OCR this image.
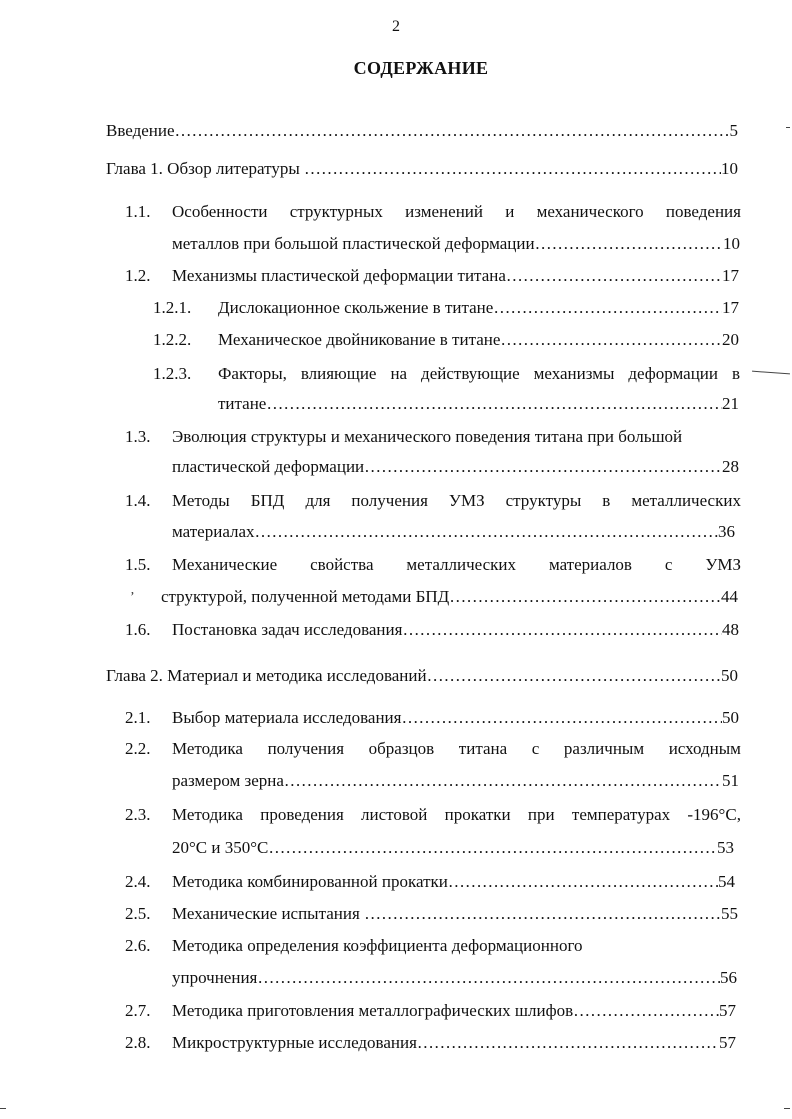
2
СОДЕРЖАНИЕ
Введение ……………………………………………………………………………………………………………………………………………………	5
Глава 1. Обзор литературы ……………………………………………………………………………………………………………………………………………………	10
1.1. Особенности структурных изменений и механического поведения
металлов при большой пластической деформации ……………………………………………………………………………………………………………………………………………………	10
1.2. Механизмы пластической деформации титана ……………………………………………………………………………………………………………………………………………………	17
1.2.1. Дислокационное скольжение в титане ……………………………………………………………………………………………………………………………………………………	17
1.2.2. Механическое двойникование в титане ……………………………………………………………………………………………………………………………………………………	20
1.2.3. Факторы, влияющие на действующие механизмы деформации в
титане ……………………………………………………………………………………………………………………………………………………	21
1.3. Эволюция структуры и механического поведения титана при большой
пластической деформации ……………………………………………………………………………………………………………………………………………………	28
1.4. Методы БПД для получения УМЗ структуры в металлических
материалах ……………………………………………………………………………………………………………………………………………………	36
1.5. Механические свойства металлических материалов с УМЗ
ʼ структурой, полученной методами БПД ……………………………………………………………………………………………………………………………………………………	44
1.6. Постановка задач исследования ……………………………………………………………………………………………………………………………………………………	48
Глава 2. Материал и методика исследований ……………………………………………………………………………………………………………………………………………………	50
2.1. Выбор материала исследования ……………………………………………………………………………………………………………………………………………………	50
2.2. Методика получения образцов титана с различным исходным
размером зерна ……………………………………………………………………………………………………………………………………………………	51
2.3. Методика проведения листовой прокатки при температурах -196°С,
20°С и 350°С ……………………………………………………………………………………………………………………………………………………	53
2.4. Методика комбинированной прокатки ……………………………………………………………………………………………………………………………………………………	54
2.5. Механические испытания ……………………………………………………………………………………………………………………………………………………	55
2.6. Методика определения коэффициента деформационного
упрочнения ……………………………………………………………………………………………………………………………………………………	56
2.7. Методика приготовления металлографических шлифов ……………………………………………………………………………………………………………………………………………………	57
2.8. Микроструктурные исследования ……………………………………………………………………………………………………………………………………………………	57
